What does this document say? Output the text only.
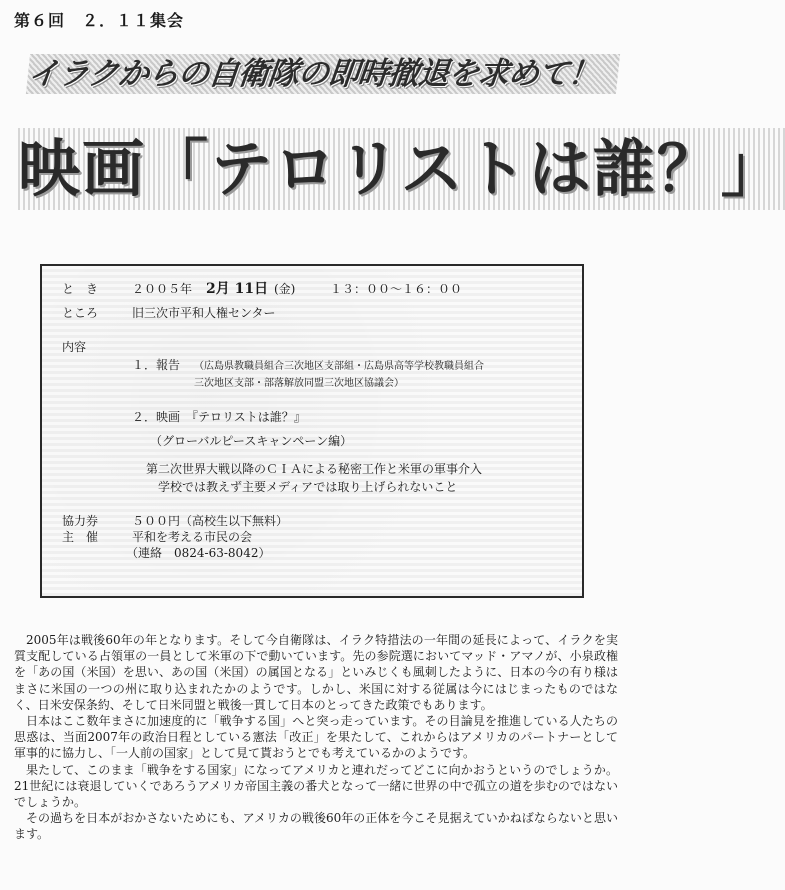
第６回　２．１１集会
イラクからの自衛隊の即時撤退を求めて！
映画「テロリストは誰？」
と　き	２００５年 2月 11日 (金)	１３：００〜１６：００
ところ	旧三次市平和人権センター
内容
１．報告 （広島県教職員組合三次地区支部組・広島県高等学校教職員組合
三次地区支部・部落解放同盟三次地区協議会）
２．映画　『テロリストは誰？』
（グローバルピースキャンペーン編）
第二次世界大戦以降のＣＩＡによる秘密工作と米軍の軍事介入
学校では教えず主要メディアでは取り上げられないこと
協力券	５００円（高校生以下無料）
主　催	平和を考える市民の会
（連絡　0824-63-8042）

2005年は戦後60年の年となります。そして今自衛隊は、イラク特措法の一年間の延長によって、イラクを実質支配している占領軍の一員として米軍の下で動いています。先の参院選においてマッド・アマノが、小泉政権を「あの国（米国）を思い、あの国（米国）の属国となる」といみじくも風刺したように、日本の今の有り様はまさに米国の一つの州に取り込まれたかのようです。しかし、米国に対する従属は今にはじまったものではなく、日米安保条約、そして日米同盟と戦後一貫して日本のとってきた政策でもあります。

日本はここ数年まさに加速度的に「戦争する国」へと突っ走っています。その目論見を推進している人たちの思惑は、当面2007年の政治日程としている憲法「改正」を果たして、これからはアメリカのパートナーとして軍事的に協力し、「一人前の国家」として見て貰おうとでも考えているかのようです。

果たして、このまま「戦争をする国家」になってアメリカと連れだってどこに向かおうというのでしょうか。21世紀には衰退していくであろうアメリカ帝国主義の番犬となって一緒に世界の中で孤立の道を歩むのではないでしょうか。

その過ちを日本がおかさないためにも、アメリカの戦後60年の正体を今こそ見据えていかねばならないと思います。
